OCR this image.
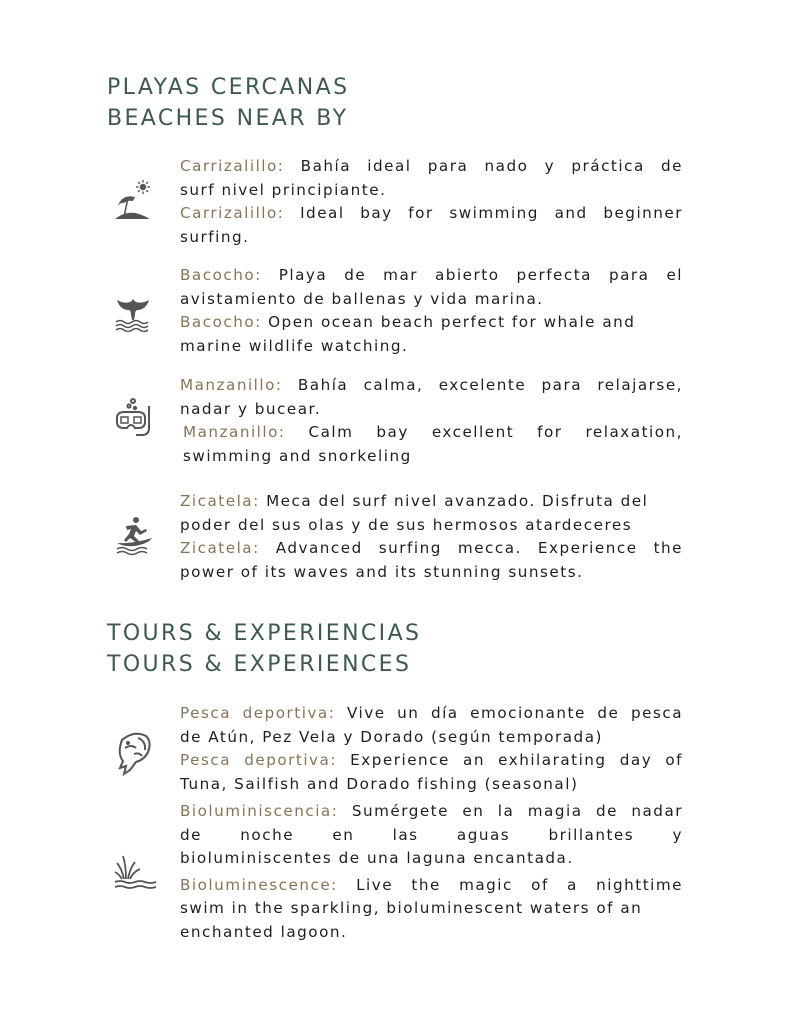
PLAYAS CERCANAS
BEACHES NEAR BY

Carrizalillo: Bahía ideal para nado y práctica de

surf nivel principiante.

Carrizalillo: Ideal bay for swimming and beginner

surfing.

Bacocho: Playa de mar abierto perfecta para el

avistamiento de ballenas y vida marina.

Bacocho: Open ocean beach perfect for whale and

marine wildlife watching.

Manzanillo: Bahía calma, excelente para relajarse,

nadar y bucear.

Manzanillo: Calm bay excellent for relaxation,

swimming and snorkeling

Zicatela: Meca del surf nivel avanzado. Disfruta del

poder del sus olas y de sus hermosos atardeceres

Zicatela: Advanced surfing mecca. Experience the

power of its waves and its stunning sunsets.

TOURS & EXPERIENCIAS
TOURS & EXPERIENCES

Pesca deportiva: Vive un día emocionante de pesca

de Atún, Pez Vela y Dorado (según temporada)

Pesca deportiva: Experience an exhilarating day of

Tuna, Sailfish and Dorado fishing (seasonal)

Bioluminiscencia: Sumérgete en la magia de nadar

de noche en las aguas brillantes y

bioluminiscentes de una laguna encantada.

Bioluminescence: Live the magic of a nighttime

swim in the sparkling, bioluminescent waters of an

enchanted lagoon.
